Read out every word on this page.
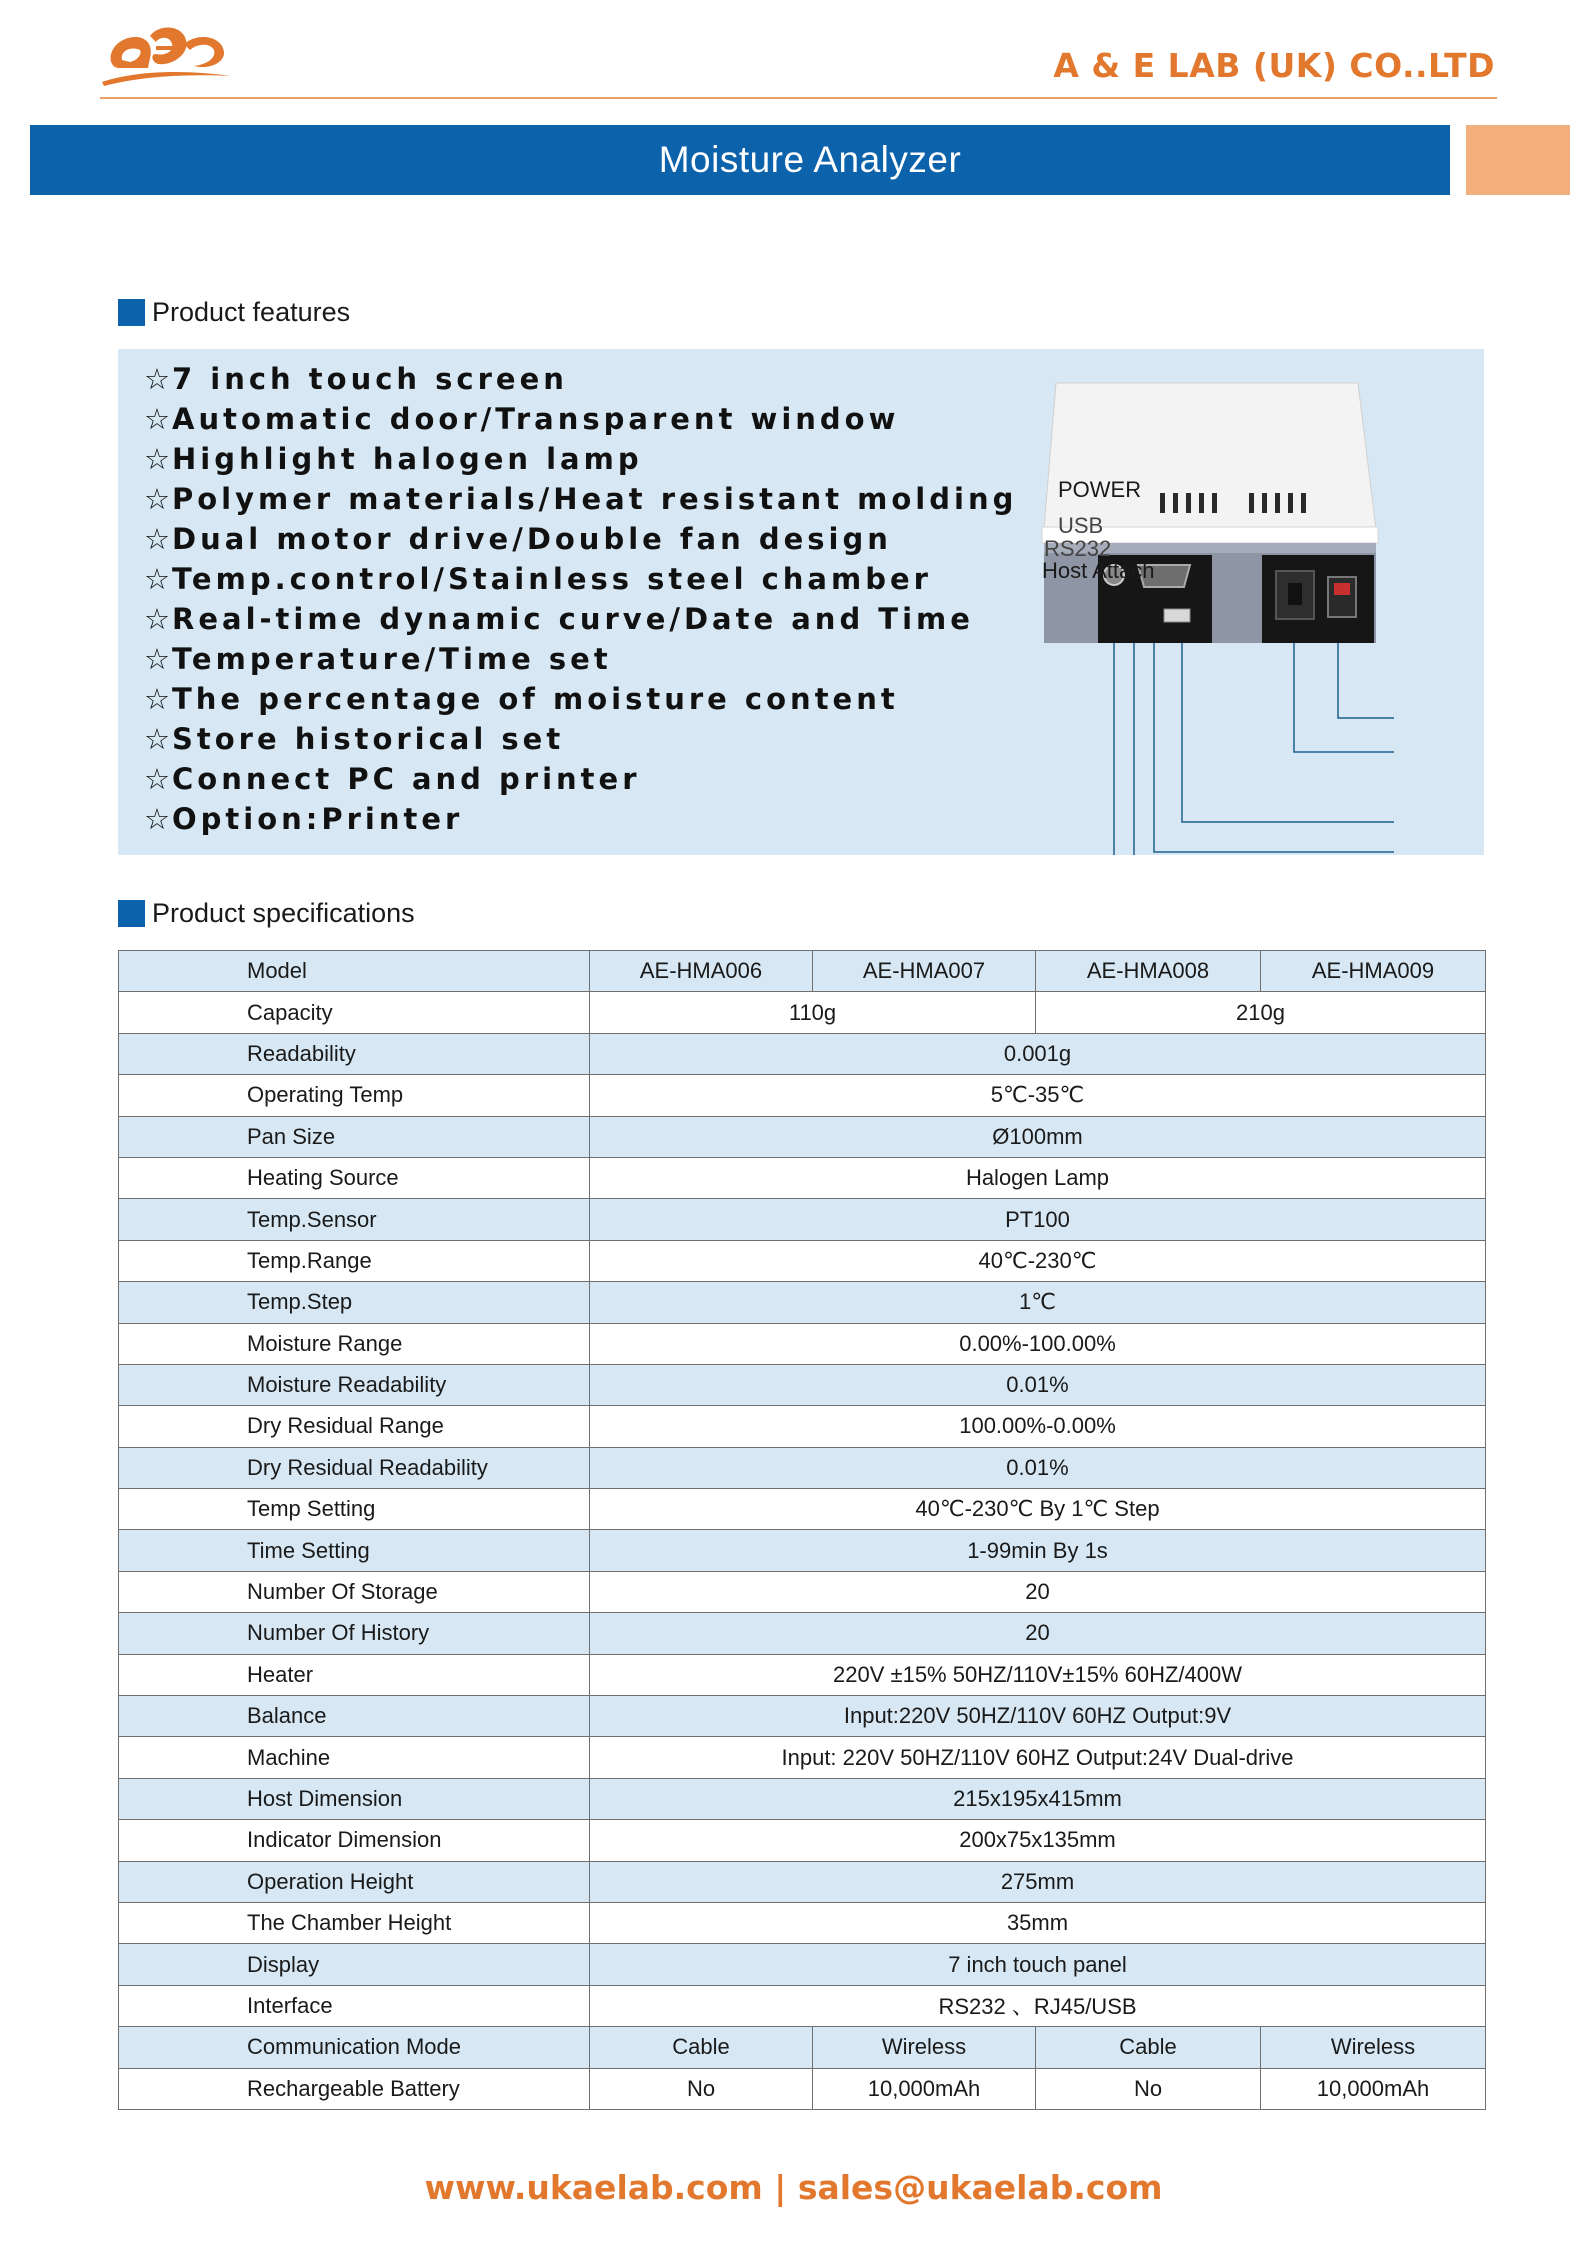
A & E LAB (UK) CO..LTD
Moisture Analyzer
Product features
☆7 inch touch screen
☆Automatic door/Transparent window
☆Highlight halogen lamp
☆Polymer materials/Heat resistant molding
☆Dual motor drive/Double fan design
☆Temp.control/Stainless steel chamber
☆Real-time dynamic curve/Date and Time
☆Temperature/Time set
☆The percentage of moisture content
☆Store historical set
☆Connect PC and printer
☆Option:Printer
POWER
USB
RS232
Host Attach
Product specifications
Model	AE-HMA006	AE-HMA007	AE-HMA008	AE-HMA009
Capacity	110g		210g	
Readability	0.001g			
Operating Temp	5℃-35℃			
Pan Size	Ø100mm			
Heating Source	Halogen Lamp			
Temp.Sensor	PT100			
Temp.Range	40℃-230℃			
Temp.Step	1℃			
Moisture Range	0.00%-100.00%			
Moisture Readability	0.01%			
Dry Residual Range	100.00%-0.00%			
Dry Residual Readability	0.01%			
Temp Setting	40℃-230℃ By 1℃ Step			
Time Setting	1-99min By 1s			
Number Of Storage	20			
Number Of History	20			
Heater	220V ±15% 50HZ/110V±15% 60HZ/400W			
Balance	Input:220V 50HZ/110V 60HZ Output:9V			
Machine	Input: 220V 50HZ/110V 60HZ Output:24V Dual-drive			
Host Dimension	215x195x415mm			
Indicator Dimension	200x75x135mm			
Operation Height	275mm			
The Chamber Height	35mm			
Display	7 inch touch panel			
Interface	RS232 、RJ45/USB			
Communication Mode	Cable	Wireless	Cable	Wireless
Rechargeable Battery	No	10,000mAh	No	10,000mAh
www.ukaelab.com | sales@ukaelab.com
